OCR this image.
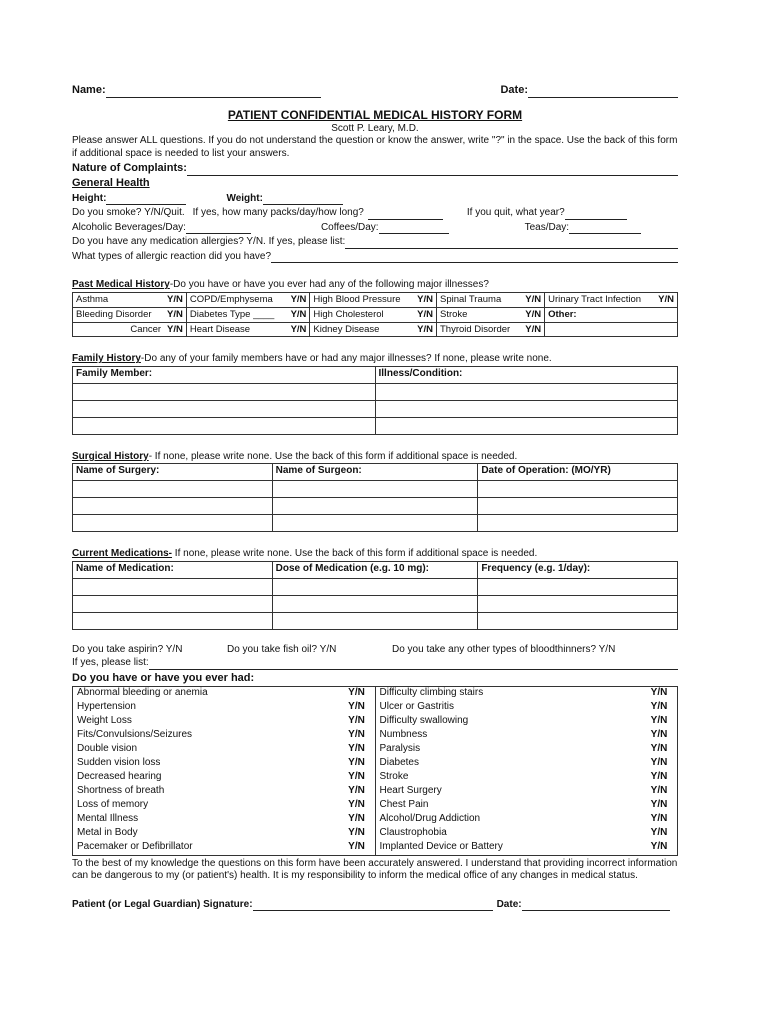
Name:	Date:
PATIENT CONFIDENTIAL MEDICAL HISTORY FORM
Scott P. Leary, M.D.
Please answer ALL questions. If you do not understand the question or know the answer, write "?" in the space. Use the back of this form if additional space is needed to list your answers.
Nature of Complaints:
General Health
Height:	Weight:
Do you smoke? Y/N/Quit. If yes, how many packs/day/how long?	If you quit, what year?
Alcoholic Beverages/Day:	Coffees/Day:	Teas/Day:
Do you have any medication allergies? Y/N. If yes, please list:
What types of allergic reaction did you have?
Past Medical History-Do you have or have you ever had any of the following major illnesses?
Asthma Y/N	COPD/Emphysema Y/N	High Blood Pressure Y/N	Spinal Trauma Y/N	Urinary Tract Infection Y/N

Bleeding Disorder Y/N	Diabetes Type ____ Y/N	High Cholesterol Y/N	Stroke Y/N	Other:

Cancer Y/N	Heart Disease Y/N	Kidney Disease Y/N	Thyroid Disorder Y/N	

Family History-Do any of your family members have or had any major illnesses? If none, please write none.
Family Member:	Illness/Condition:

Surgical History- If none, please write none. Use the back of this form if additional space is needed.
Name of Surgery:	Name of Surgeon:	Date of Operation: (MO/YR)

Current Medications- If none, please write none. Use the back of this form if additional space is needed.
Name of Medication:	Dose of Medication (e.g. 10 mg):	Frequency (e.g. 1/day):

Do you take aspirin? Y/N	Do you take fish oil? Y/N	Do you take any other types of bloodthinners? Y/N
If yes, please list:
Do you have or have you ever had:
Abnormal bleeding or anemia	Y/N
Hypertension	Y/N
Weight Loss	Y/N
Fits/Convulsions/Seizures	Y/N
Double vision	Y/N
Sudden vision loss	Y/N
Decreased hearing	Y/N
Shortness of breath	Y/N
Loss of memory	Y/N
Mental Illness	Y/N
Metal in Body	Y/N
Pacemaker or Defibrillator	Y/N
Difficulty climbing stairs	Y/N
Ulcer or Gastritis	Y/N
Difficulty swallowing	Y/N
Numbness	Y/N
Paralysis	Y/N
Diabetes	Y/N
Stroke	Y/N
Heart Surgery	Y/N
Chest Pain	Y/N
Alcohol/Drug Addiction	Y/N
Claustrophobia	Y/N
Implanted Device or Battery	Y/N
To the best of my knowledge the questions on this form have been accurately answered. I understand that providing incorrect information can be dangerous to my (or patient's) health. It is my responsibility to inform the medical office of any changes in medical status.
Patient (or Legal Guardian) Signature:	Date:
